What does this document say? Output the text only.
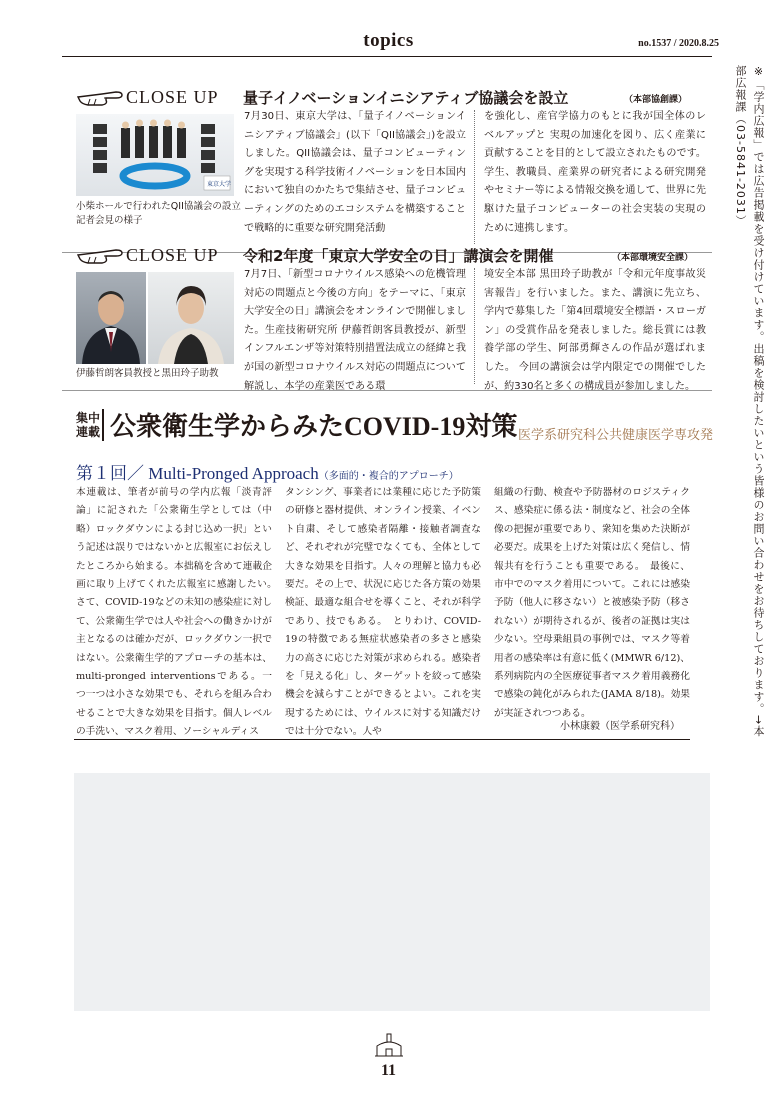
topics	no.1537 / 2020.8.25
※「学内広報」では広告掲載を受け付けています。出稿を検討したいという皆様のお問い合わせをお待ちしております。→本部広報課（03‐5841‐2031）
CLOSE UP 量子イノベーションイニシアティブ協議会を設立	（本部協創課）
東京大学

小柴ホールで行われたQII協議会の設立記者会見の様子

7月30日、東京大学は、「量子イノベーションイニシアティブ協議会」(以下「QII協議会」)を設立しました。QII協議会は、量子コンピューティングを実現する科学技術イノベーションを日本国内において独自のかたちで集結させ、量子コンピューティングのためのエコシステムを構築することで戦略的に重要な研究開発活動

を強化し、産官学協力のもとに我が国全体のレベルアップと 実現の加速化を図り、広く産業に貢献することを目的として設立されたものです。学生、教職員、産業界の研究者による研究開発やセミナー等による情報交換を通して、世界に先駆けた量子コンピューターの社会実装の実現のために連携します。

CLOSE UP 令和2年度「東京大学安全の日」講演会を開催	（本部環境安全課）

伊藤哲朗客員教授と黒田玲子助教

7月7日、「新型コロナウイルス感染への危機管理対応の問題点と今後の方向」をテーマに、「東京大学安全の日」講演会をオンラインで開催しました。生産技術研究所 伊藤哲朗客員教授が、新型インフルエンザ等対策特別措置法成立の経緯と我が国の新型コロナウイルス対応の問題点について解説し、本学の産業医である環

境安全本部 黒田玲子助教が「令和元年度事故災害報告」を行いました。また、講演に先立ち、学内で募集した「第4回環境安全標語・スローガン」の受賞作品を発表しました。総長賞には教養学部の学生、阿部勇輝さんの作品が選ばれました。 今回の講演会は学内限定での開催でしたが、約330名と多くの構成員が参加しました。

集中
連載 公衆衛生学からみたCOVID-19対策 医学系研究科公共健康医学専攻発
第１回／ Multi-Pronged Approach（多面的・複合的アプローチ）

本連載は、筆者が前号の学内広報「淡青評論」に記された「公衆衛生学としては（中略）ロックダウンによる封じ込め一択」という記述は誤りではないかと広報室にお伝えしたところから始まる。本拙稿を含めて連載企画に取り上げてくれた広報室に感謝したい。　さて、COVID-19などの未知の感染症に対して、公衆衛生学では人や社会への働きかけが主となるのは確かだが、ロックダウン一択ではない。公衆衛生学的アプローチの基本は、multi-pronged interventionsである。一つ一つは小さな効果でも、それらを組み合わせることで大きな効果を目指す。個人レベルの手洗い、マスク着用、ソーシャルディス

タンシング、事業者には業種に応じた予防策の研修と器材提供、オンライン授業、イベント自粛、そして感染者隔離・接触者調査など、それぞれが完璧でなくても、全体として大きな効果を目指す。人々の理解と協力も必要だ。その上で、状況に応じた各方策の効果検証、最適な組合せを導くこと、それが科学であり、技でもある。　とりわけ、COVID-19の特徴である無症状感染者の多さと感染力の高さに応じた対策が求められる。感染者を「見える化」し、ターゲットを絞って感染機会を減らすことができるとよい。これを実現するためには、ウイルスに対する知識だけでは十分でない。人や

組織の行動、検査や予防器材のロジスティクス、感染症に係る法・制度など、社会の全体像の把握が重要であり、衆知を集めた決断が必要だ。成果を上げた対策は広く発信し、情報共有を行うことも重要である。　最後に、市中でのマスク着用について。これには感染予防（他人に移さない）と被感染予防（移されない）が期待されるが、後者の証拠は実は少ない。空母乗組員の事例では、マスク等着用者の感染率は有意に低く(MMWR 6/12)、系列病院内の全医療従事者マスク着用義務化で感染の鈍化がみられた(JAMA 8/18)。効果が実証されつつある。

小林康毅（医学系研究科）
11
